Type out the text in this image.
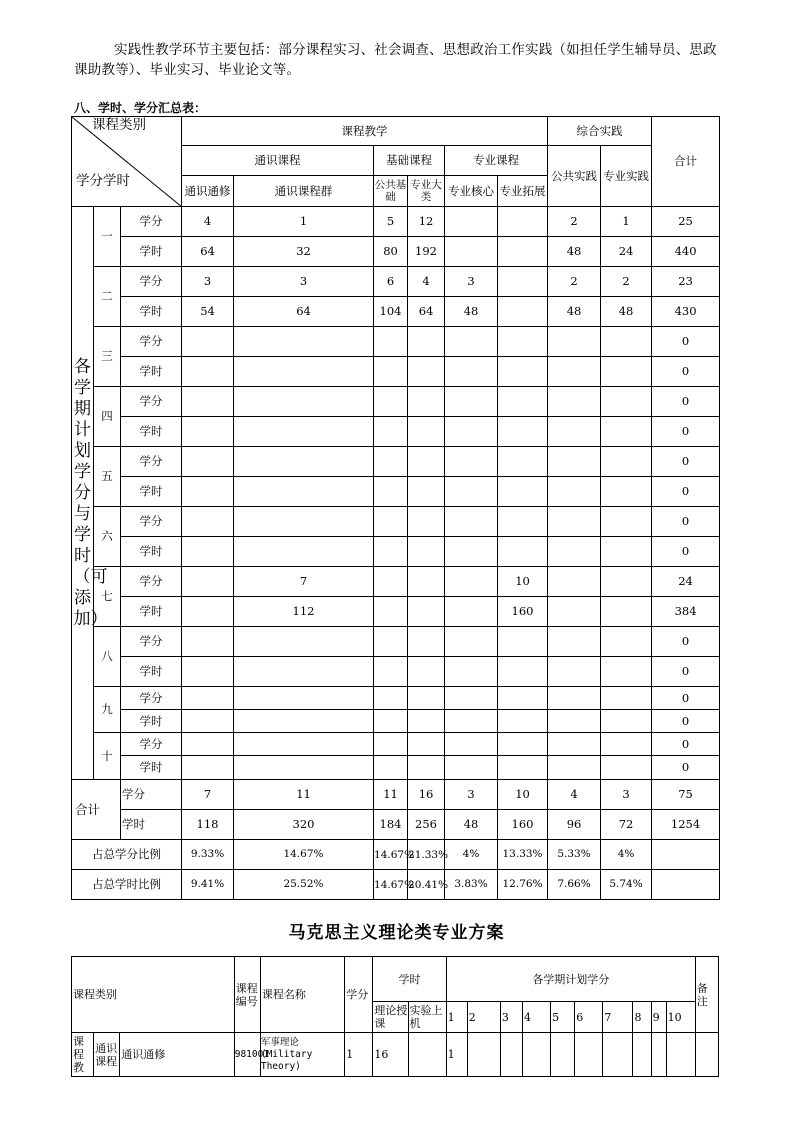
实践性教学环节主要包括：部分课程实习、社会调查、思想政治工作实践（如担任学生辅导员、思政课助教等）、毕业实习、毕业论文等。
八、学时、学分汇总表：
课程类别
学分学时			课程教学						综合实践		合计
			通识课程		基础课程		专业课程		公共实践	专业实践	
			通识通修	通识课程群	公共基础	专业大类	专业核心	专业拓展			

各学期计划学分与学时（可添加）	一	学分	4	1	5	12			2	1	25
		学时	64	32	80	192			48	24	440
	二	学分	3	3	6	4	3		2	2	23
		学时	54	64	104	64	48		48	48	430
	三	学分									0
		学时									0
	四	学分									0
		学时									0
	五	学分									0
		学时									0
	六	学分									0
		学时									0
	七	学分		7				10			24
		学时		112				160			384
	八	学分									0
		学时									0
	九	学分									0
		学时									0
	十	学分									0
		学时									0
合计		学分	7	11	11	16	3	10	4	3	75
		学时	118	320	184	256	48	160	96	72	1254
占总学分比例			9.33%	14.67%	14.67%	21.33%	4%	13.33%	5.33%	4%	
占总学时比例			9.41%	25.52%	14.67%	20.41%	3.83%	12.76%	7.66%	5.74%	
马克思主义理论类专业方案
课程类别			课程编号	课程名称	学分	学时		各学期计划学分										备注
						理论授课	实验上机	1	2	3	4	5	6	7	8	9	10	
课程教	通识课程	通识通修	981001	军事理论(Military Theory)	1	16		1										
